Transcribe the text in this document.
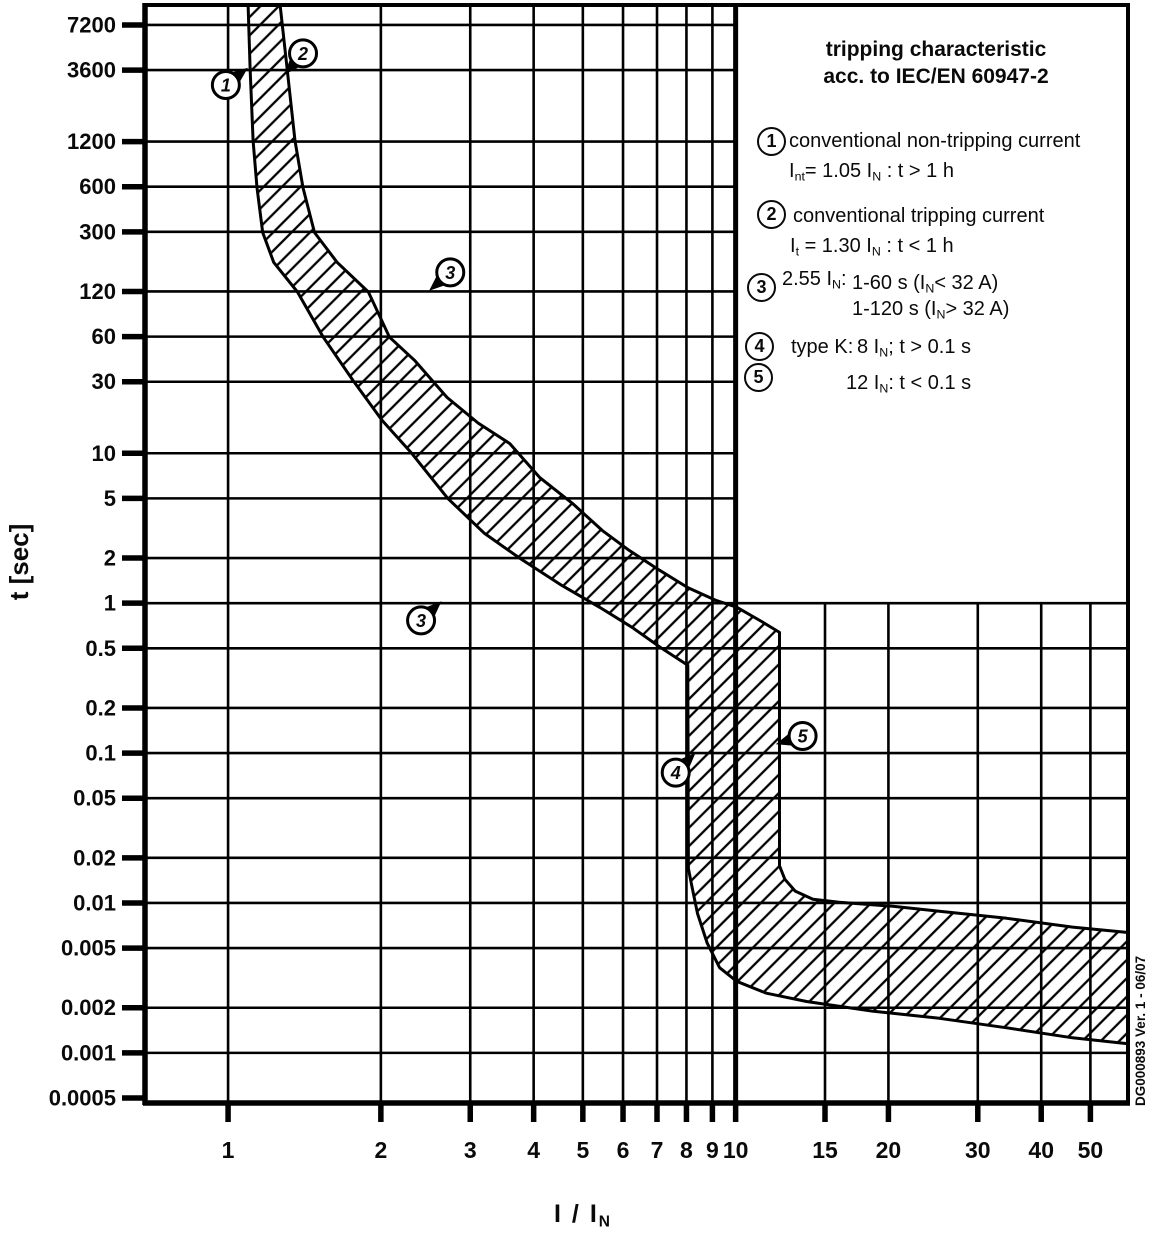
7200
3600
1200
600
300
120
60
30
10
5
2
1
0.5
0.2
0.1
0.05
0.02
0.01
0.005
0.002
0.001
0.0005
1	2	3 4 5 6 7 8 9 10	15 20	30 40 50
1
2
3
3
4
5
t [sec]
I / $I_N$
DG000893 Ver. 1 - 06/07
tripping characteristic
acc. to IEC/EN 60947-2
1 conventional non-tripping current
$I_{nt}= 1.05$ $I_N$ : t > 1 h
2 conventional tripping current
$I_t = 1.30$ $I_N$ : t < 1 h
3 2.55 $I_N$: 1-60 s ($I_N< 32$ A)
1-120 s ($I_N> 32$ A)
4	type K: 8 $I_N$; t > 0.1 s
5	12 $I_N$: t < 0.1 s
